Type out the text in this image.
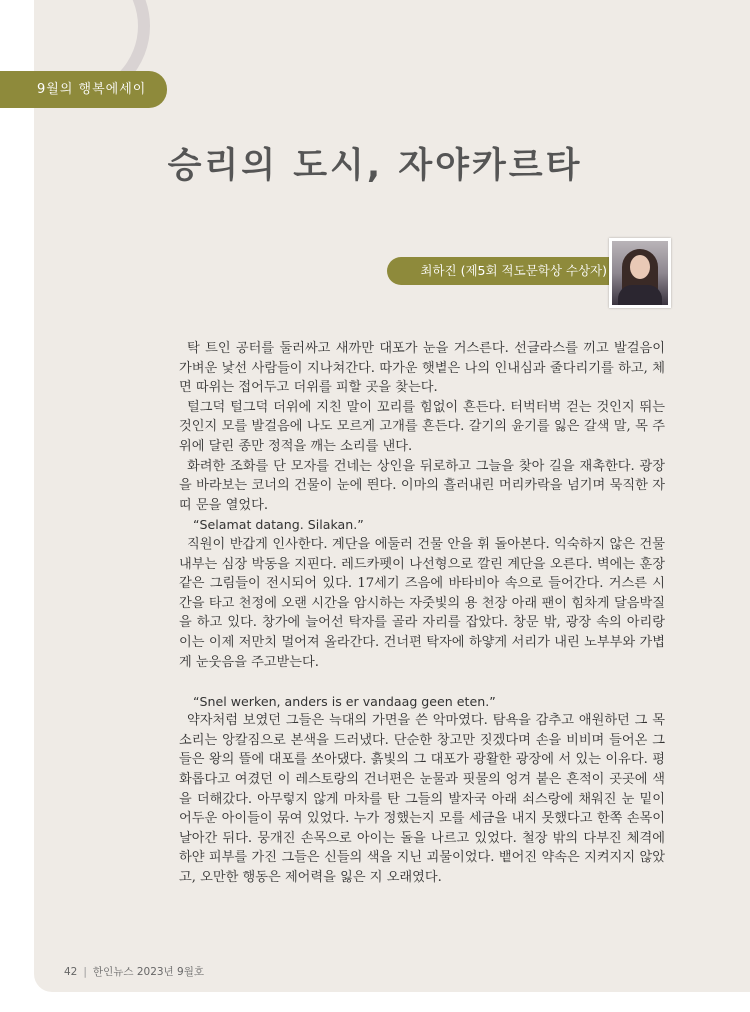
9월의 행복에세이
승리의 도시, 자야카르타
최하진 (제5회 적도문학상 수상자)

탁 트인 공터를 둘러싸고 새까만 대포가 눈을 거스른다. 선글라스를 끼고 발걸음이 가벼운 낯선 사람들이 지나쳐간다. 따가운 햇볕은 나의 인내심과 줄다리기를 하고, 체면 따위는 접어두고 더위를 피할 곳을 찾는다.

털그덕 털그덕 더위에 지친 말이 꼬리를 힘없이 흔든다. 터벅터벅 걷는 것인지 뛰는 것인지 모를 발걸음에 나도 모르게 고개를 흔든다. 갈기의 윤기를 잃은 갈색 말, 목 주위에 달린 종만 정적을 깨는 소리를 낸다.

화려한 조화를 단 모자를 건네는 상인을 뒤로하고 그늘을 찾아 길을 재촉한다. 광장을 바라보는 코너의 건물이 눈에 띈다. 이마의 흘러내린 머리카락을 넘기며 묵직한 자띠 문을 열었다.

“Selamat datang. Silakan.”

직원이 반갑게 인사한다. 계단을 에둘러 건물 안을 휘 돌아본다. 익숙하지 않은 건물 내부는 심장 박동을 지핀다. 레드카펫이 나선형으로 깔린 계단을 오른다. 벽에는 훈장 같은 그림들이 전시되어 있다. 17세기 즈음에 바타비아 속으로 들어간다. 거스른 시간을 타고 천정에 오랜 시간을 암시하는 자줏빛의 용 천장 아래 팬이 힘차게 달음박질을 하고 있다. 창가에 늘어선 탁자를 골라 자리를 잡았다. 창문 밖, 광장 속의 아리랑이는 이제 저만치 멀어져 올라간다. 건너편 탁자에 하얗게 서리가 내린 노부부와 가볍게 눈웃음을 주고받는다.

“Snel werken, anders is er vandaag geen eten.”

약자처럼 보였던 그들은 늑대의 가면을 쓴 악마였다. 탐욕을 감추고 애원하던 그 목소리는 앙칼짐으로 본색을 드러냈다. 단순한 창고만 짓겠다며 손을 비비며 들어온 그들은 왕의 뜰에 대포를 쏘아댔다. 흙빛의 그 대포가 광활한 광장에 서 있는 이유다. 평화롭다고 여겼던 이 레스토랑의 건너편은 눈물과 핏물의 엉겨 붙은 흔적이 곳곳에 색을 더해갔다. 아무렇지 않게 마차를 탄 그들의 발자국 아래 쇠스랑에 채워진 눈 밑이 어두운 아이들이 묶여 있었다. 누가 정했는지 모를 세금을 내지 못했다고 한쪽 손목이 날아간 뒤다. 뭉개진 손목으로 아이는 돌을 나르고 있었다. 철장 밖의 다부진 체격에 하얀 피부를 가진 그들은 신들의 색을 지닌 괴물이었다. 뱉어진 약속은 지켜지지 않았고, 오만한 행동은 제어력을 잃은 지 오래였다.

42 | 한인뉴스 2023년 9월호
